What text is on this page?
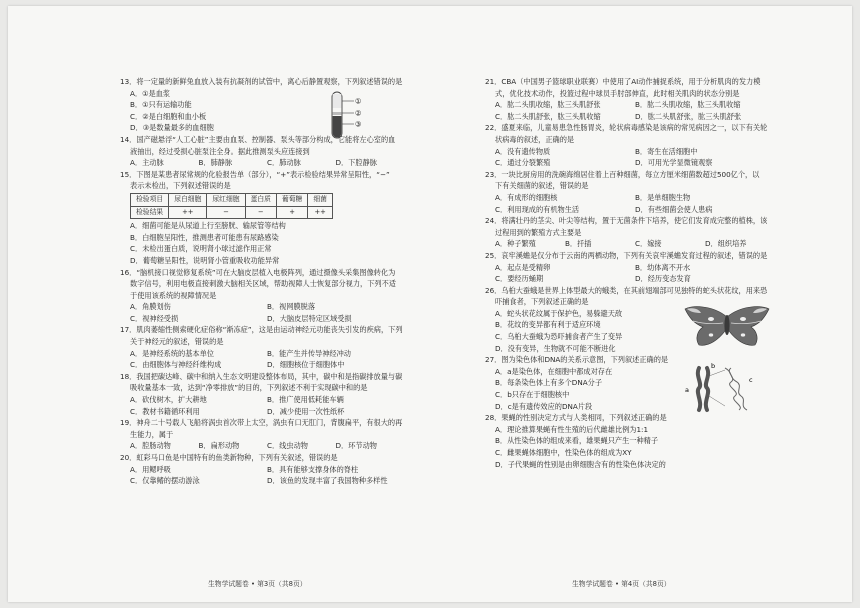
13．将一定量的新鲜兔血放入装有抗凝剂的试管中，离心后静置观察，下列叙述错误的是
A．①是血浆
B．①只有运输功能
C．②是白细胞和血小板
D．③是数量最多的血细胞
①
②
③
14．国产磁悬浮“人工心脏”主要由血泵、控制器、泵头等部分构成，它能将左心室的血
液抽出，经过受损心脏泵注全身。据此推测泵头应连接到
A．主动脉	B．肺静脉	C．肺动脉	D．下腔静脉
15．下图是某患者尿常规的化验报告单（部分），“+”表示检验结果异常呈阳性，“−”
表示未检出，下列叙述错误的是
检验项目	尿白细胞	尿红细胞	蛋白质	葡萄糖	细菌
检验结果	++	−	−	+	++
A．细菌可能是从尿道上行至膀胱、输尿管等结构
B．白细胞呈阳性，推测患者可能患有尿路感染
C．未检出蛋白质，说明肾小球过滤作用正常
D．葡萄糖呈阳性，说明肾小管重吸收功能异常
16．“脑机接口视觉修复系统”可在大脑皮层植入电极阵列，通过摄像头采集图像转化为
数字信号，利用电极直接刺激大脑相关区域，帮助视障人士恢复部分视力，下列不适
于使用该系统的视障情况是
A．角膜划伤	B．视网膜脱落
C．视神经受损	D．大脑皮层特定区域受损
17．肌肉萎缩性侧索硬化症俗称“渐冻症”，这是由运动神经元功能丧失引发的疾病，下列
关于神经元的叙述，错误的是
A．是神经系统的基本单位	B．能产生并传导神经冲动
C．由细胞体与神经纤维构成	D．细胞核位于细胞体中
18．我国把碳达峰、碳中和纳入生态文明建设整体布局，其中，碳中和是指碳排放量与碳
吸收量基本一致，达到“净零排放”的目的，下列叙述不利于实现碳中和的是
A．砍伐树木，扩大耕地	B．推广使用低耗能车辆
C．教材书籍循环利用	D．减少使用一次性纸杯
19．神舟二十号载人飞船将涡虫首次带上太空，涡虫有口无肛门，背腹扁平，有很大的再
生能力，属于
A．腔肠动物	B．扁形动物	C．线虫动物	D．环节动物
20．虹彩马口鱼是中国特有的鱼类新物种，下列有关叙述，错误的是
A．用鳃呼吸	B．具有能够支撑身体的脊柱
C．仅靠鳍的摆动游泳	D．该鱼的发现丰富了我国物种多样性
生物学试题卷 • 第3页（共8页）
21．CBA（中国男子篮球职业联赛）中使用了AI动作捕捉系统，用于分析肌肉的发力模
式，优化技术动作，投篮过程中球员手肘部伸直，此时相关肌肉的状态分别是
A．肱二头肌收缩，肱三头肌舒张	B．肱二头肌收缩，肱三头肌收缩
C．肱二头肌舒张，肱三头肌收缩	D．肱二头肌舒张，肱三头肌舒张
22．盛夏来临，儿童易患急性肠胃炎，轮状病毒感染是该病的常见病因之一，以下有关轮
状病毒的叙述，正确的是
A．没有遗传物质	B．寄生在活细胞中
C．通过分裂繁殖	D．可用光学显微镜观察
23．一块比厨房用的洗碗海绵居住着上百种细菌，每立方厘米细菌数超过500亿个，以
下有关细菌的叙述，错误的是
A．有成形的细胞核	B．是单细胞生物
C．利用现成的有机物生活	D．有些细菌会使人患病
24．将满壮丹的茎尖、叶尖等结构，置于无菌条件下培养，使它们发育成完整的植株，该
过程用到的繁殖方式主要是
A．种子繁殖	B．扦插	C．嫁接	D．组织培养
25．哀牢溪蟾是仅分布于云南的两栖动物，下列有关哀牢溪蟾发育过程的叙述，错误的是
A．起点是受精卵	B．幼体离不开水
C．要经历蛹期	D．经历变态发育
26．乌桕大蚕蛾是世界上体型最大的蛾类，在其前翅端部可见独特的蛇头状花纹，用来恐
吓捕食者，下列叙述正确的是
A．蛇头状花纹属于保护色，易躲避天敌
B．花纹的变异都有利于适应环境
C．乌桕大蚕蛾为恐吓捕食者产生了变异
D．没有变异，生物就不可能不断进化
27．图为染色体和DNA的关系示意图，下列叙述正确的是
A．a是染色体，在细胞中都成对存在
B．每条染色体上有多个DNA分子
C．b只存在于细胞核中
D．c是有遗传效应的DNA片段
a
b
c
28．果蝇的性别决定方式与人类相同，下列叙述正确的是
A．理论推算果蝇有性生殖的后代雌雄比例为1:1
B．从性染色体的组成来看，雄果蝇只产生一种精子
C．雌果蝇体细胞中，性染色体的组成为XY
D．子代果蝇的性别是由卵细胞含有的性染色体决定的
生物学试题卷 • 第4页（共8页）
